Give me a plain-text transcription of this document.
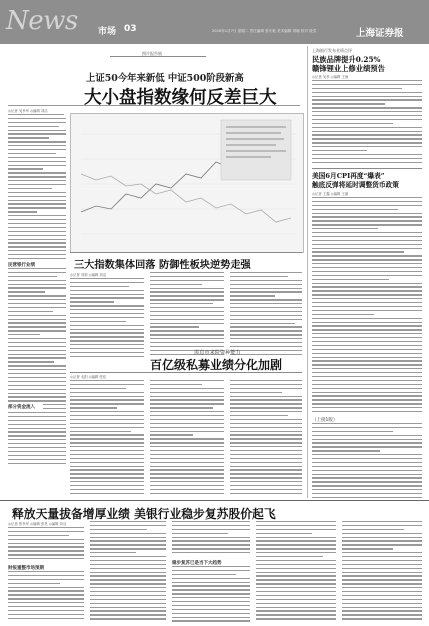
News 市场 03	2020年1月7日 星期二 责任编辑 张冬艳 美术编辑 刘晓 校对 段雪	上海证券报
图片报告展
上证50今年来新低 中证500阶段新高
大小盘指数缘何反差巨大
◎记者 吴孝军 ◎编辑 刘洁
民营银行业绩
部分资金流入
三大指数集体回落 防御性板块逆势走强
◎记者 刘莉 ◎编辑 刘洁
需息市来险资种能力
百亿级私募业绩分化加剧
◎记者 毛阳 ◎编辑 张佳
上海银行发布业绩点评
民族品牌提升0.25%
赣锋锂业上修业绩预告
◎记者 吴孝 ◎编辑 王雨
美国6月CPI再度“爆表”
触底反弹将延时调整货币政策
◎记者 王鑫 ◎编辑 王丽
（上接1版）
释放天量拔备增厚业绩 美银行业稳步复苏股价起飞
◎记者 张孝军 ◎编辑 张昊 ◎编辑 刘洁
财报重整市场预期
稳步复苏已是当下大趋势
